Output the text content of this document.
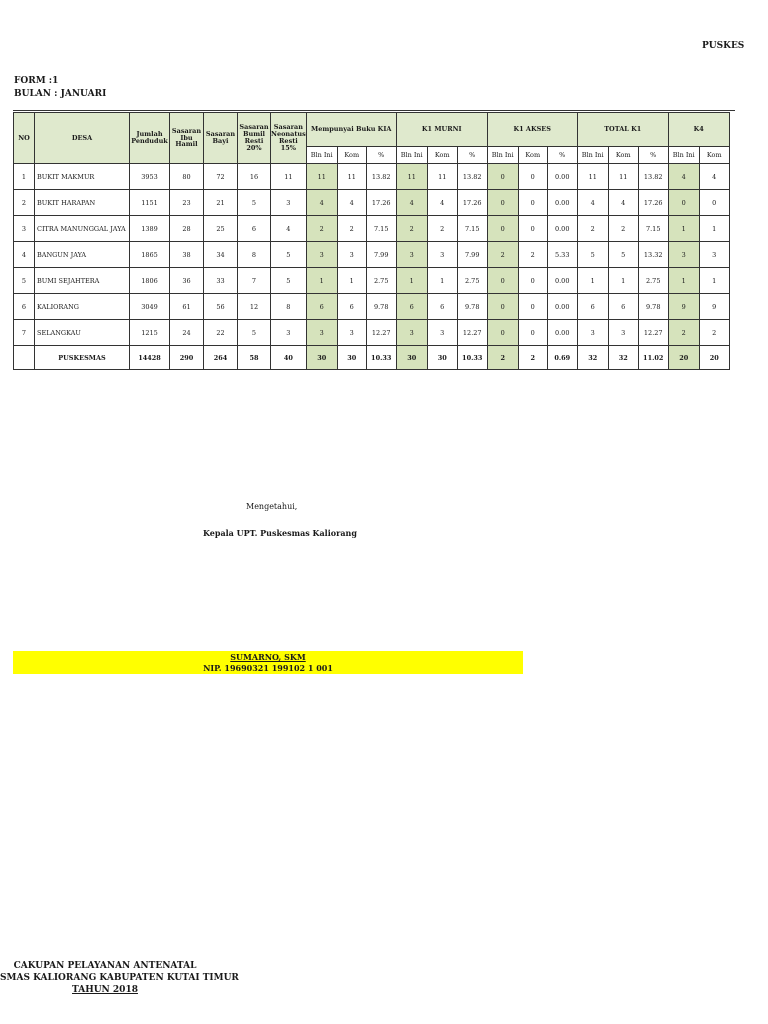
PUSKES
FORM :1
BULAN : JANUARI
NO	DESA	Jumlah Penduduk	Sasaran Ibu Hamil	Sasaran Bayi	Sasaran Bumil Resti 20%	Sasaran Neonatus Resti 15%	Mempunyai Buku KIA			K1 MURNI			K1 AKSES			TOTAL K1			K4	
							Bln Ini	Kom	%	Bln Ini	Kom	%	Bln Ini	Kom	%	Bln Ini	Kom	%	Bln Ini	Kom
1	BUKIT MAKMUR	3953	80	72	16	11	11	11	13.82	11	11	13.82	0	0	0.00	11	11	13.82	4	4
2	BUKIT HARAPAN	1151	23	21	5	3	4	4	17.26	4	4	17.26	0	0	0.00	4	4	17.26	0	0
3	CITRA MANUNGGAL JAYA	1389	28	25	6	4	2	2	7.15	2	2	7.15	0	0	0.00	2	2	7.15	1	1
4	BANGUN JAYA	1865	38	34	8	5	3	3	7.99	3	3	7.99	2	2	5.33	5	5	13.32	3	3
5	BUMI SEJAHTERA	1806	36	33	7	5	1	1	2.75	1	1	2.75	0	0	0.00	1	1	2.75	1	1
6	KALIORANG	3049	61	56	12	8	6	6	9.78	6	6	9.78	0	0	0.00	6	6	9.78	9	9
7	SELANGKAU	1215	24	22	5	3	3	3	12.27	3	3	12.27	0	0	0.00	3	3	12.27	2	2
	PUSKESMAS	14428	290	264	58	40	30	30	10.33	30	30	10.33	2	2	0.69	32	32	11.02	20	20
Mengetahui,
Kepala UPT. Puskesmas Kaliorang
SUMARNO, SKM
NIP. 19690321 199102 1 001
CAKUPAN PELAYANAN ANTENATAL
SMAS KALIORANG KABUPATEN KUTAI TIMUR
TAHUN 2018
